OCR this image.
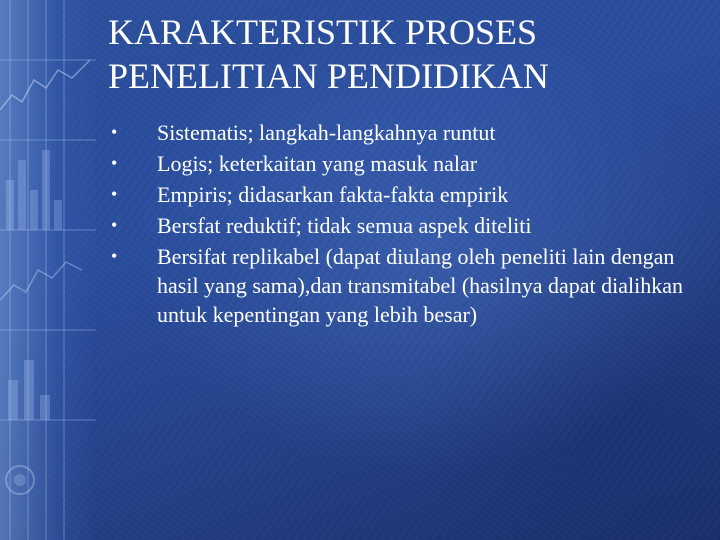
KARAKTERISTIK PROSES
PENELITIAN PENDIDIKAN
• Sistematis; langkah-langkahnya runtut
• Logis; keterkaitan yang masuk nalar
• Empiris; didasarkan fakta-fakta empirik
• Bersfat reduktif; tidak semua aspek diteliti
• Bersifat replikabel (dapat diulang oleh peneliti lain dengan hasil yang sama),dan transmitabel (hasilnya dapat dialihkan untuk kepentingan yang lebih besar)
